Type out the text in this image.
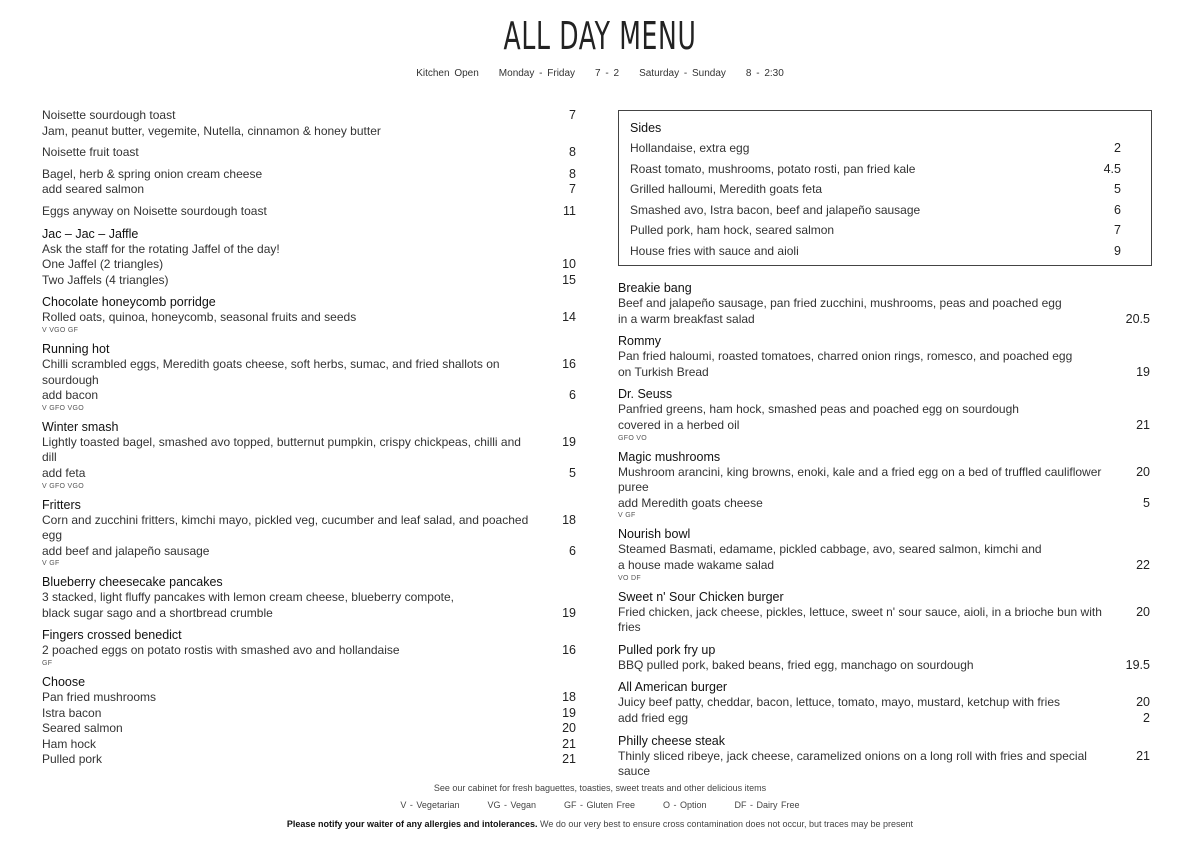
ALL DAY MENU
Kitchen Open Monday - Friday 7 - 2 Saturday - Sunday 8 - 2:30
Noisette sourdough toast	7
Jam, peanut butter, vegemite, Nutella, cinnamon & honey butter
Noisette fruit toast	8
Bagel, herb & spring onion cream cheese	8
add seared salmon	7
Eggs anyway on Noisette sourdough toast	11
Jac – Jac – Jaffle
Ask the staff for the rotating Jaffel of the day!
One Jaffel (2 triangles)	10
Two Jaffels (4 triangles)	15
Chocolate honeycomb porridge
Rolled oats, quinoa, honeycomb, seasonal fruits and seeds	14
V VGO GF
Running hot
Chilli scrambled eggs, Meredith goats cheese, soft herbs, sumac, and fried shallots on sourdough
16
add bacon	6
V GFO VGO
Winter smash
Lightly toasted bagel, smashed avo topped, butternut pumpkin, crispy chickpeas, chilli and dill
19
add feta	5
V GFO VGO
Fritters
Corn and zucchini fritters, kimchi mayo, pickled veg, cucumber and leaf salad, and poached egg
18
add beef and jalapeño sausage	6
V GF
Blueberry cheesecake pancakes
3 stacked, light fluffy pancakes with lemon cream cheese, blueberry compote,
black sugar sago and a shortbread crumble	19
Fingers crossed benedict
2 poached eggs on potato rostis with smashed avo and hollandaise	16
GF
Choose
Pan fried mushrooms	18
Istra bacon	19
Seared salmon	20
Ham hock	21
Pulled pork	21
Sides
Hollandaise, extra egg	2
Roast tomato, mushrooms, potato rosti, pan fried kale	4.5
Grilled halloumi, Meredith goats feta	5
Smashed avo, Istra bacon, beef and jalapeño sausage	6
Pulled pork, ham hock, seared salmon	7
House fries with sauce and aioli	9
Breakie bang
Beef and jalapeño sausage, pan fried zucchini, mushrooms, peas and poached egg
in a warm breakfast salad	20.5
Rommy
Pan fried haloumi, roasted tomatoes, charred onion rings, romesco, and poached egg
on Turkish Bread	19
Dr. Seuss
Panfried greens, ham hock, smashed peas and poached egg on sourdough
covered in a herbed oil	21
GFO VO
Magic mushrooms
Mushroom arancini, king browns, enoki, kale and a fried egg on a bed of truffled cauliflower puree
20
add Meredith goats cheese	5
V GF
Nourish bowl
Steamed Basmati, edamame, pickled cabbage, avo, seared salmon, kimchi and
a house made wakame salad	22
VO DF
Sweet n' Sour Chicken burger
Fried chicken, jack cheese, pickles, lettuce, sweet n' sour sauce, aioli, in a brioche bun with fries
20
Pulled pork fry up
BBQ pulled pork, baked beans, fried egg, manchago on sourdough	19.5
All American burger
Juicy beef patty, cheddar, bacon, lettuce, tomato, mayo, mustard, ketchup with fries	20
add fried egg	2
Philly cheese steak
Thinly sliced ribeye, jack cheese, caramelized onions on a long roll with fries and special sauce
21
See our cabinet for fresh baguettes, toasties, sweet treats and other delicious items
V - Vegetarian	VG - Vegan	GF - Gluten Free	O - Option	DF - Dairy Free
Please notify your waiter of any allergies and intolerances. We do our very best to ensure cross contamination does not occur, but traces may be present
